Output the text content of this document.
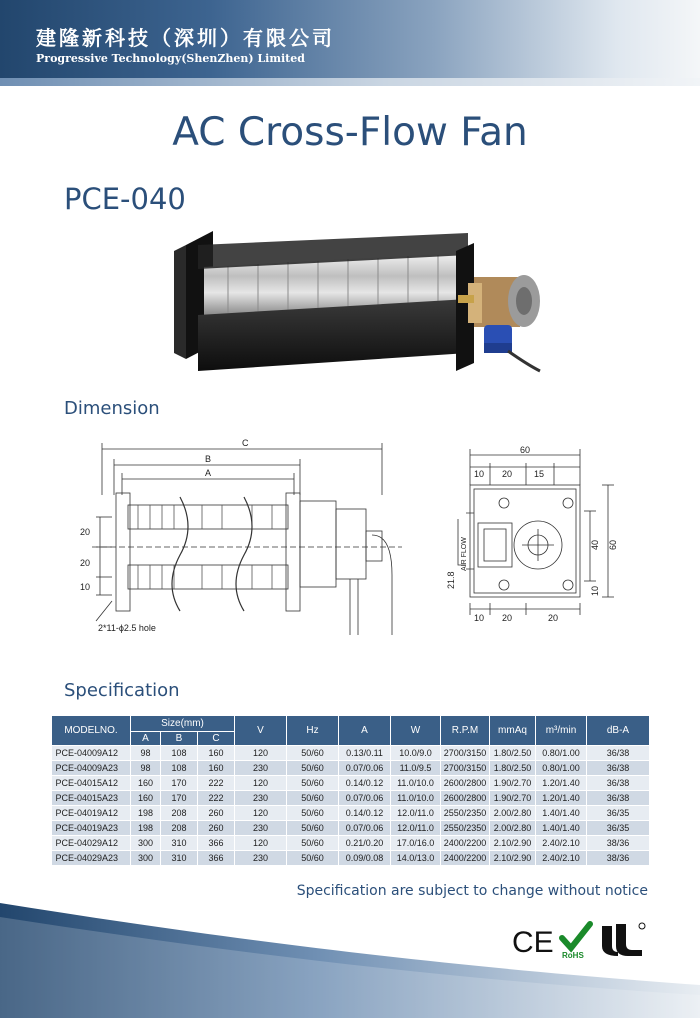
建隆新科技（深圳）有限公司
Progressive Technology(ShenZhen) Limited
AC Cross-Flow Fan
PCE-040
Dimension
C
B
A
20
20
10
2*11-ϕ2.5 hole
60
10 20 15
40 60
10
21.8
AIR FLOW
10 20	20
Specification
MODELNO.	Size(mm)			V	Hz	A	W	R.P.M	mmAq	m³/min	dB-A
	A	B	C								
PCE-04009A12	98	108	160	120	50/60	0.13/0.11	10.0/9.0	2700/3150	1.80/2.50	0.80/1.00	36/38
PCE-04009A23	98	108	160	230	50/60	0.07/0.06	11.0/9.5	2700/3150	1.80/2.50	0.80/1.00	36/38
PCE-04015A12	160	170	222	120	50/60	0.14/0.12	11.0/10.0	2600/2800	1.90/2.70	1.20/1.40	36/38
PCE-04015A23	160	170	222	230	50/60	0.07/0.06	11.0/10.0	2600/2800	1.90/2.70	1.20/1.40	36/38
PCE-04019A12	198	208	260	120	50/60	0.14/0.12	12.0/11.0	2550/2350	2.00/2.80	1.40/1.40	36/35
PCE-04019A23	198	208	260	230	50/60	0.07/0.06	12.0/11.0	2550/2350	2.00/2.80	1.40/1.40	36/35
PCE-04029A12	300	310	366	120	50/60	0.21/0.20	17.0/16.0	2400/2200	2.10/2.90	2.40/2.10	38/36
PCE-04029A23	300	310	366	230	50/60	0.09/0.08	14.0/13.0	2400/2200	2.10/2.90	2.40/2.10	38/36
Specification are subject to change without notice
CE RoHS
